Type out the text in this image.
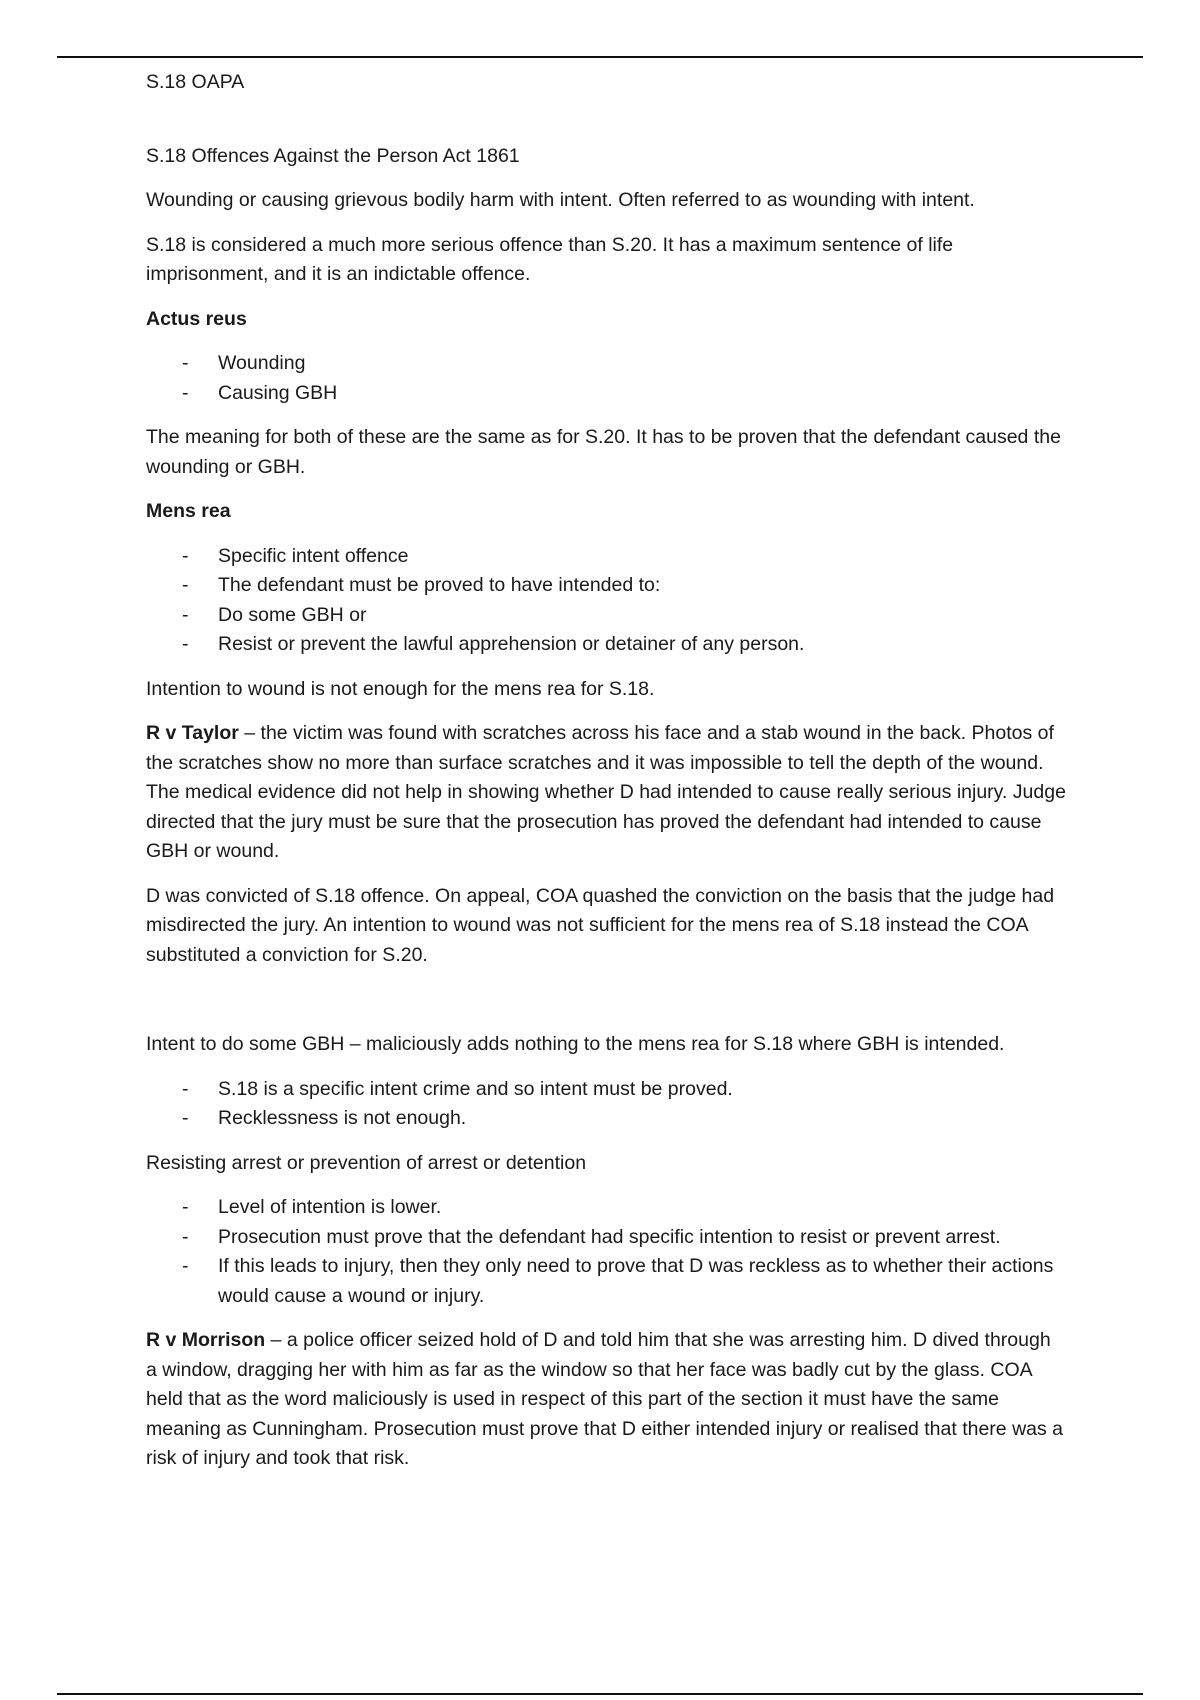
S.18 OAPA

S.18 Offences Against the Person Act 1861

Wounding or causing grievous bodily harm with intent. Often referred to as wounding with intent.

S.18 is considered a much more serious offence than S.20. It has a maximum sentence of life imprisonment, and it is an indictable offence.

Actus reus

- Wounding
- Causing GBH

The meaning for both of these are the same as for S.20. It has to be proven that the defendant caused the wounding or GBH.

Mens rea

- Specific intent offence
- The defendant must be proved to have intended to:
- Do some GBH or
- Resist or prevent the lawful apprehension or detainer of any person.

Intention to wound is not enough for the mens rea for S.18.

R v Taylor – the victim was found with scratches across his face and a stab wound in the back. Photos of the scratches show no more than surface scratches and it was impossible to tell the depth of the wound. The medical evidence did not help in showing whether D had intended to cause really serious injury. Judge directed that the jury must be sure that the prosecution has proved the defendant had intended to cause GBH or wound.

D was convicted of S.18 offence. On appeal, COA quashed the conviction on the basis that the judge had misdirected the jury. An intention to wound was not sufficient for the mens rea of S.18 instead the COA substituted a conviction for S.20.

Intent to do some GBH – maliciously adds nothing to the mens rea for S.18 where GBH is intended.

- S.18 is a specific intent crime and so intent must be proved.
- Recklessness is not enough.

Resisting arrest or prevention of arrest or detention

- Level of intention is lower.
- Prosecution must prove that the defendant had specific intention to resist or prevent arrest.
- If this leads to injury, then they only need to prove that D was reckless as to whether their actions would cause a wound or injury.

R v Morrison – a police officer seized hold of D and told him that she was arresting him. D dived through a window, dragging her with him as far as the window so that her face was badly cut by the glass. COA held that as the word maliciously is used in respect of this part of the section it must have the same meaning as Cunningham. Prosecution must prove that D either intended injury or realised that there was a risk of injury and took that risk.
